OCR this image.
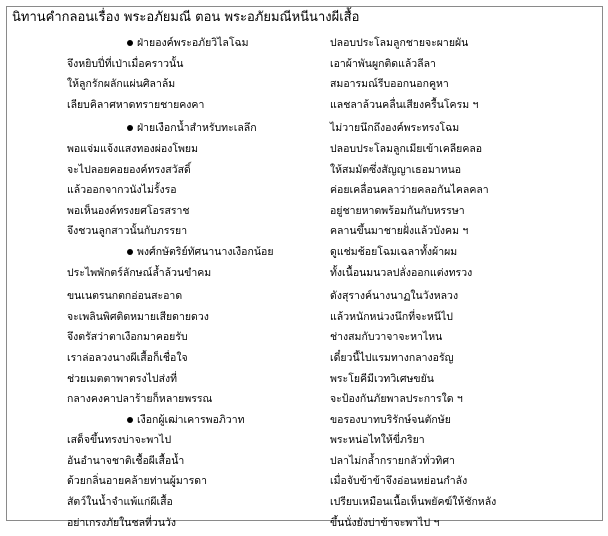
นิทานคำกลอนเรื่อง พระอภัยมณี ตอน พระอภัยมณีหนีนางผีเสื้อ
ฝ่ายองค์พระอภัยวิไลโฉม
จึงหยิบปี่ที่เป่าเมื่อคราวนั้น
ให้ลูกรักผลักแผ่นศิลาล้ม
เลียบคิลาศหาดทรายชายคงคา
ฝ่ายเงือกน้ำสำหรับทะเลลึก
พอแจ่มแจ้งแสงทองผ่องโพยม
จะไปลอยคอยองค์ทรงสวัสดิ์
แล้วออกจากวนังไม่รั้งรอ
พอเห็นองค์ทรงยศโอรสราช
จึงชวนลูกสาวนั้นกับภรรยา
พงศ์กษัตริย์ทัศนานางเงือกน้อย
ประไพพักตร์ลักษณ์ล้ำล้วนขำคม
ขนเนตรนกตกอ่อนสะอาด
จะเพลินพิศติดหมายเสียดายดวง
จึงตรัสว่าตาเงือกมาคอยรับ
เราล่อลวงนางผีเสื้อก็เชื่อใจ
ช่วยเมตตาพาตรงไปส่งที่
กลางคงคาปลาร้ายก็หลายพรรณ
เงือกผู้เฒ่าเคารพอภิวาท
เสด็จขึ้นทรงบ่าจะพาไป
อันอำนาจชาติเชื้อผีเสื้อน้ำ
ด้วยกลิ่นอายคล้ายท่านผู้มารดา
สัตว์ในน้ำจำแพ้แก่ผีเสื้อ
อย่าเกรงภัยในชลที่วนวัง
ปลอบประโลมลูกชายจะผายผัน
เอาผ้าพันผูกติดแล้วลีลา
สมอารมณ์รีบออกนอกคูหา
แลชลาล้วนคลื่นเสียงครื้นโครม ฯ
ไม่วายนึกถึงองค์พระทรงโฉม
ปลอบประโลมลูกเมียเข้าเคลียคลอ
ให้สมมัตซึ่งสัญญาเธอมาหนอ
ค่อยเคลื่อนคลาว่ายคลอกันไคลคลา
อยู่ชายหาดพร้อมกันกับหรรษา
คลานขึ้นมาชายฝั่งแล้วบังคม ฯ
ดูแช่มช้อยโฉมเฉลาทั้งผ้าผม
ทั้งเนื้อนมนวลปลั่งออกแต่งทรวง
ดังสุรางค์นางนาฏในวังหลวง
แล้วหนักหน่วงนึกที่จะหนีไป
ช่างสมกับวาจาจะหาไหน
เดี๋ยวนี้ไปแรมทางกลางอรัญ
พระโยคีมีเวทวิเศษขยัน
จะป้องกันภัยพาลประการใด ฯ
ขอรองบาทบริรักษ์จนตักษัย
พระหน่อไทให้ขี่ภริยา
ปลาไม่กล้ำกรายกลัวทั่วทิศา
เมื่อจับข้าข้าจึงอ่อนหย่อนกำลัง
เปรียบเหมือนเนื้อเห็นพยัคฆ์ให้ชักหลัง
ขึ้นนั่งยังบ่าข้าจะพาไป ฯ
